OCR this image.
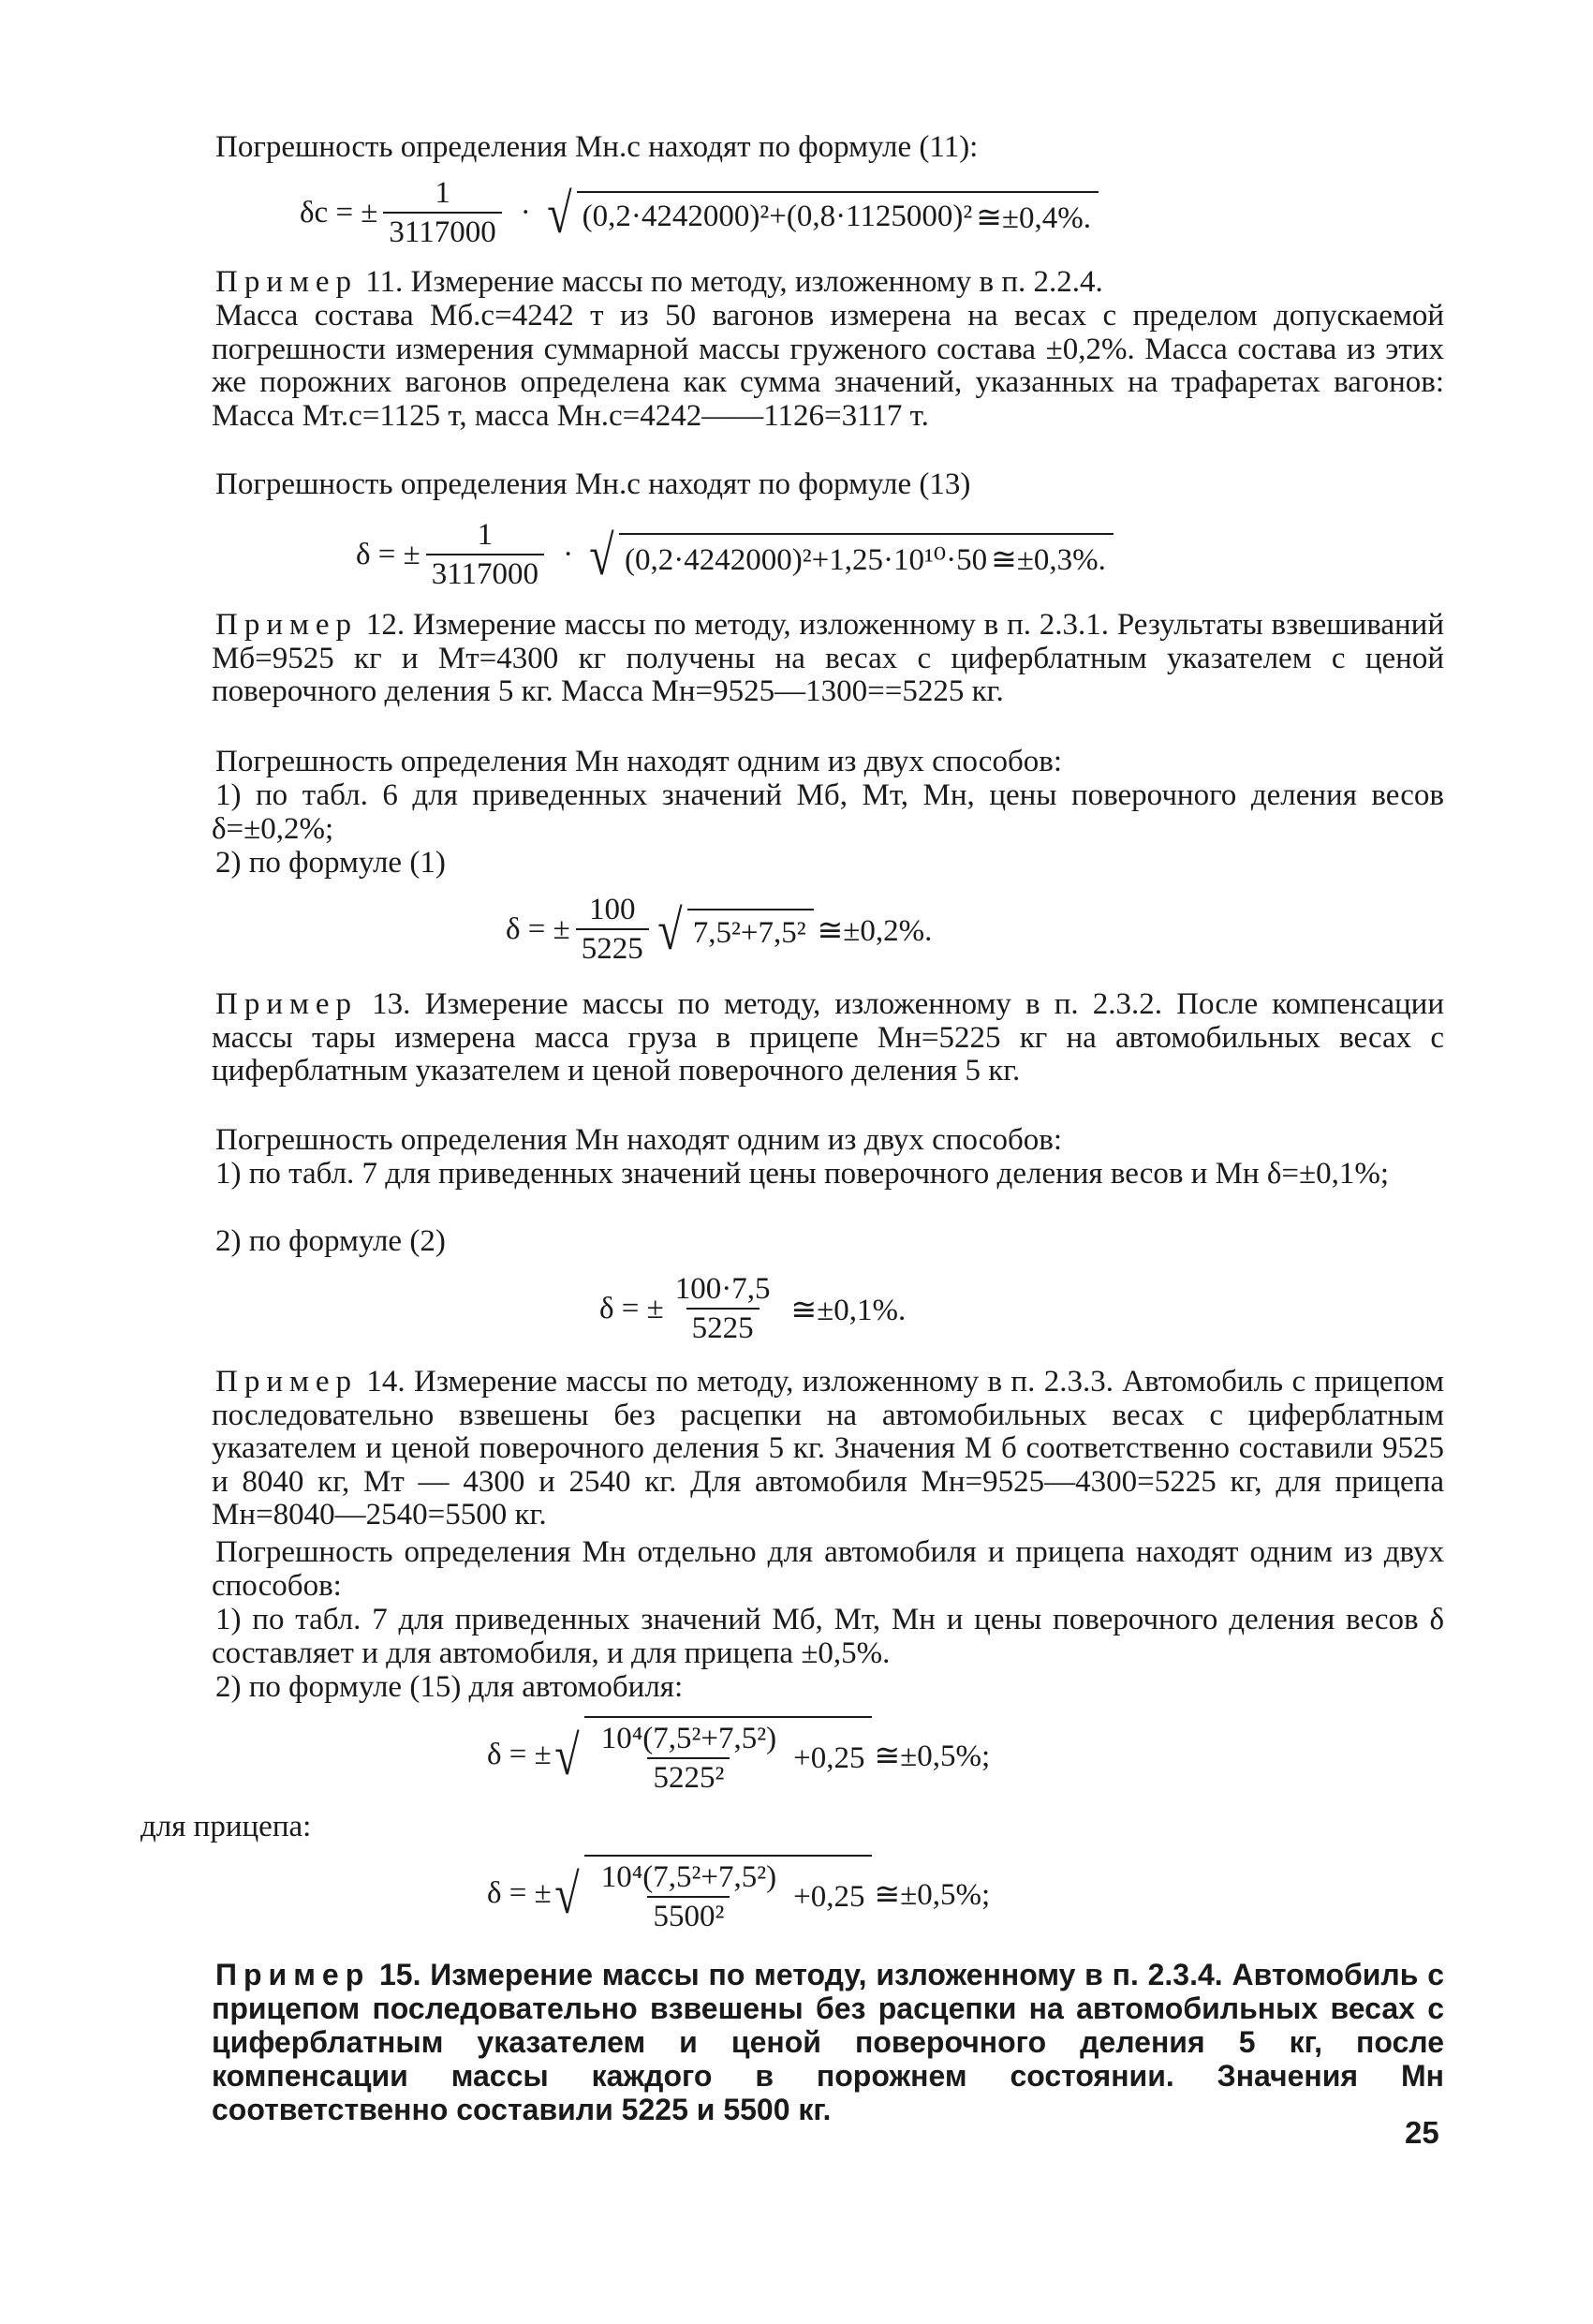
Погрешность определения Mн.с находят по формуле (11):

δс = ± $\frac{1}{3117000}$ · √ (0,2·4242000)²+(0,8·1125000)² ≅±0,4%.

Пример 11. Измерение массы по методу, изложенному в п. 2.2.4.

Масса состава Mб.с=4242 т из 50 вагонов измерена на весах с пределом допускаемой погрешности измерения суммарной массы груженого состава ±0,2%. Масса состава из этих же порожних вагонов определена как сумма значений, указанных на трафаретах вагонов: Масса Mт.с=1125 т, масса Mн.с=4242——1126=3117 т.

Погрешность определения Mн.с находят по формуле (13)

δ = ± $\frac{1}{3117000}$ · √ (0,2·4242000)²+1,25·10¹⁰·50 ≅±0,3%.

Пример 12. Измерение массы по методу, изложенному в п. 2.3.1. Результаты взвешиваний Mб=9525 кг и Mт=4300 кг получены на весах с циферблатным указателем с ценой поверочного деления 5 кг. Масса Mн=9525—1300==5225 кг.

Погрешность определения Mн находят одним из двух способов:

1) по табл. 6 для приведенных значений Mб, Mт, Mн, цены поверочного деления весов δ=±0,2%;

2) по формуле (1)

δ = ± $\frac{100}{5225}$ √ 7,5²+7,5² ≅±0,2%.

Пример 13. Измерение массы по методу, изложенному в п. 2.3.2. После компенсации массы тары измерена масса груза в прицепе Mн=5225 кг на автомобильных весах с циферблатным указателем и ценой поверочного деления 5 кг.

Погрешность определения Mн находят одним из двух способов:

1) по табл. 7 для приведенных значений цены поверочного деления весов и Mн δ=±0,1%;

2) по формуле (2)

δ = ± $\frac{100\cdot 7,5}{5225}$ ≅±0,1%.

Пример 14. Измерение массы по методу, изложенному в п. 2.3.3. Автомобиль с прицепом последовательно взвешены без расцепки на автомобильных весах с циферблатным указателем и ценой поверочного деления 5 кг. Значения M б соответственно составили 9525 и 8040 кг, Mт — 4300 и 2540 кг. Для автомобиля Mн=9525—4300=5225 кг, для прицепа Mн=8040—2540=5500 кг.

Погрешность определения Mн отдельно для автомобиля и прицепа находят одним из двух способов:

1) по табл. 7 для приведенных значений Mб, Mт, Mн и цены поверочного деления весов δ составляет и для автомобиля, и для прицепа ±0,5%.

2) по формуле (15) для автомобиля:

δ = ± √ $\frac{\text{10⁴(7,5²+7,5²)}}{\text{5225²}} +0,25$ ≅±0,5%;

для прицепа:

δ = ± √ $\frac{\text{10⁴(7,5²+7,5²)}}{\text{5500²}} +0,25$ ≅±0,5%;

Пример 15. Измерение массы по методу, изложенному в п. 2.3.4. Автомобиль с прицепом последовательно взвешены без расцепки на автомобильных весах с циферблатным указателем и ценой поверочного деления 5 кг, после компенсации массы каждого в порожнем состоянии. Значения Mн соответственно составили 5225 и 5500 кг.

25
